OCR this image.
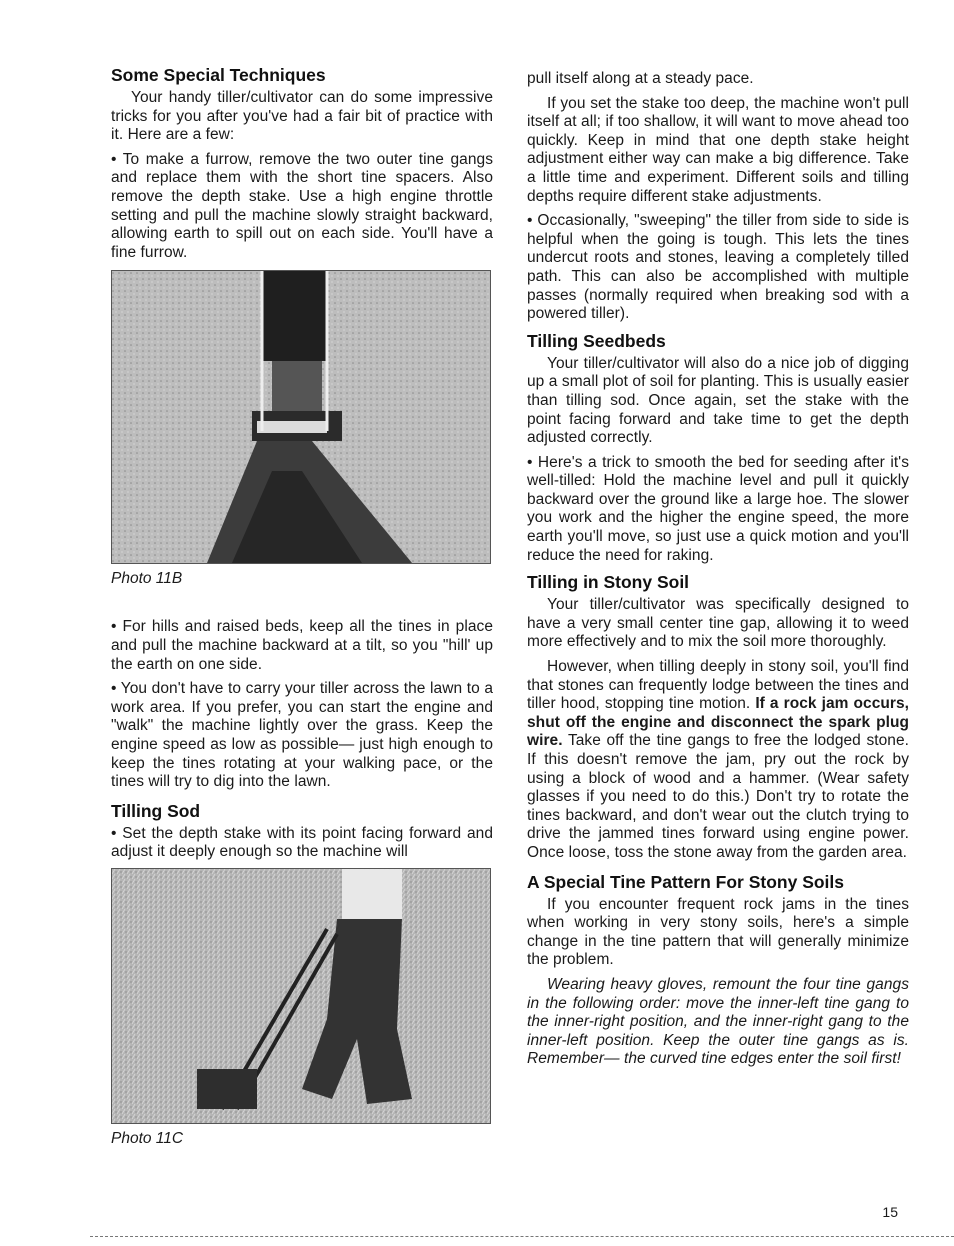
Some Special Techniques

Your handy tiller/cultivator can do some impressive tricks for you after you've had a fair bit of practice with it. Here are a few:

• To make a furrow, remove the two outer tine gangs and replace them with the short tine spacers. Also remove the depth stake. Use a high engine throttle setting and pull the machine slowly straight backward, allowing earth to spill out on each side. You'll have a fine furrow.

Photo 11B

• For hills and raised beds, keep all the tines in place and pull the machine backward at a tilt, so you "hill' up the earth on one side.

• You don't have to carry your tiller across the lawn to a work area. If you prefer, you can start the engine and "walk" the machine lightly over the grass. Keep the engine speed as low as possible— just high enough to keep the tines rotating at your walking pace, or the tines will try to dig into the lawn.

Tilling Sod

• Set the depth stake with its point facing forward and adjust it deeply enough so the machine will

Photo 11C

pull itself along at a steady pace.

If you set the stake too deep, the machine won't pull itself at all; if too shallow, it will want to move ahead too quickly. Keep in mind that one depth stake height adjustment either way can make a big difference. Take a little time and experiment. Different soils and tilling depths require different stake adjustments.

• Occasionally, "sweeping" the tiller from side to side is helpful when the going is tough. This lets the tines undercut roots and stones, leaving a completely tilled path. This can also be accomplished with multiple passes (normally required when breaking sod with a powered tiller).

Tilling Seedbeds

Your tiller/cultivator will also do a nice job of digging up a small plot of soil for planting. This is usually easier than tilling sod. Once again, set the stake with the point facing forward and take time to get the depth adjusted correctly.

• Here's a trick to smooth the bed for seeding after it's well-tilled: Hold the machine level and pull it quickly backward over the ground like a large hoe. The slower you work and the higher the engine speed, the more earth you'll move, so just use a quick motion and you'll reduce the need for raking.

Tilling in Stony Soil

Your tiller/cultivator was specifically designed to have a very small center tine gap, allowing it to weed more effectively and to mix the soil more thoroughly.

However, when tilling deeply in stony soil, you'll find that stones can frequently lodge between the tines and tiller hood, stopping tine motion. If a rock jam occurs, shut off the engine and disconnect the spark plug wire. Take off the tine gangs to free the lodged stone. If this doesn't remove the jam, pry out the rock by using a block of wood and a hammer. (Wear safety glasses if you need to do this.) Don't try to rotate the tines backward, and don't wear out the clutch trying to drive the jammed tines forward using engine power. Once loose, toss the stone away from the garden area.

A Special Tine Pattern For Stony Soils

If you encounter frequent rock jams in the tines when working in very stony soils, here's a simple change in the tine pattern that will generally minimize the problem.

Wearing heavy gloves, remount the four tine gangs in the following order: move the inner-left tine gang to the inner-right position, and the inner-right gang to the inner-left position. Keep the outer tine gangs as is. Remember— the curved tine edges enter the soil first!

15
